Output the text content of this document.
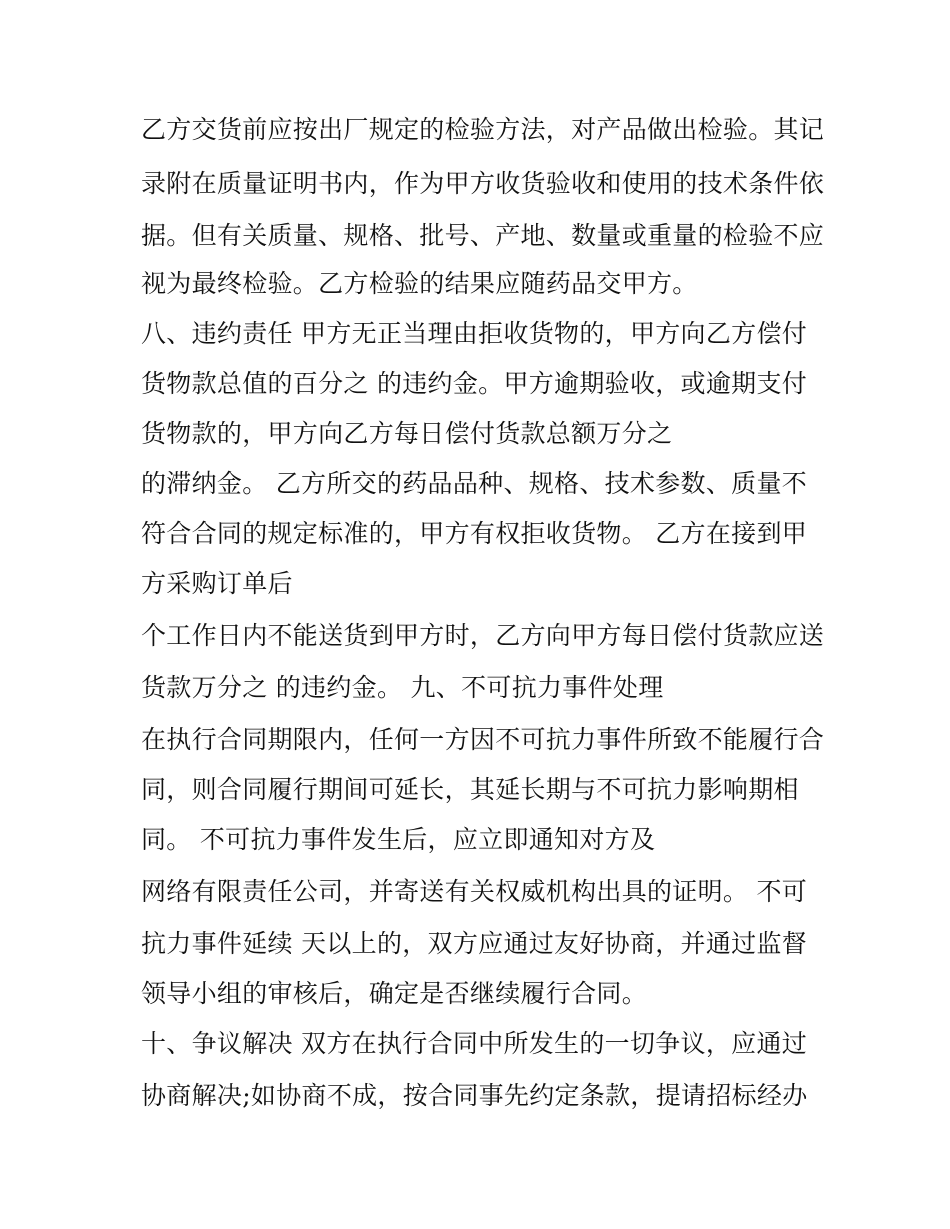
乙方交货前应按出厂规定的检验方法，对产品做出检验。其记
录附在质量证明书内，作为甲方收货验收和使用的技术条件依
据。但有关质量、规格、批号、产地、数量或重量的检验不应
视为最终检验。乙方检验的结果应随药品交甲方。
八、违约责任 甲方无正当理由拒收货物的，甲方向乙方偿付
货物款总值的百分之 的违约金。甲方逾期验收，或逾期支付
货物款的，甲方向乙方每日偿付货款总额万分之
的滞纳金。 乙方所交的药品品种、规格、技术参数、质量不
符合合同的规定标准的，甲方有权拒收货物。 乙方在接到甲
方采购订单后
个工作日内不能送货到甲方时，乙方向甲方每日偿付货款应送
货款万分之 的违约金。 九、不可抗力事件处理
在执行合同期限内，任何一方因不可抗力事件所致不能履行合
同，则合同履行期间可延长，其延长期与不可抗力影响期相
同。 不可抗力事件发生后，应立即通知对方及
网络有限责任公司，并寄送有关权威机构出具的证明。 不可
抗力事件延续 天以上的，双方应通过友好协商，并通过监督
领导小组的审核后，确定是否继续履行合同。
十、争议解决 双方在执行合同中所发生的一切争议，应通过
协商解决;如协商不成，按合同事先约定条款，提请招标经办
